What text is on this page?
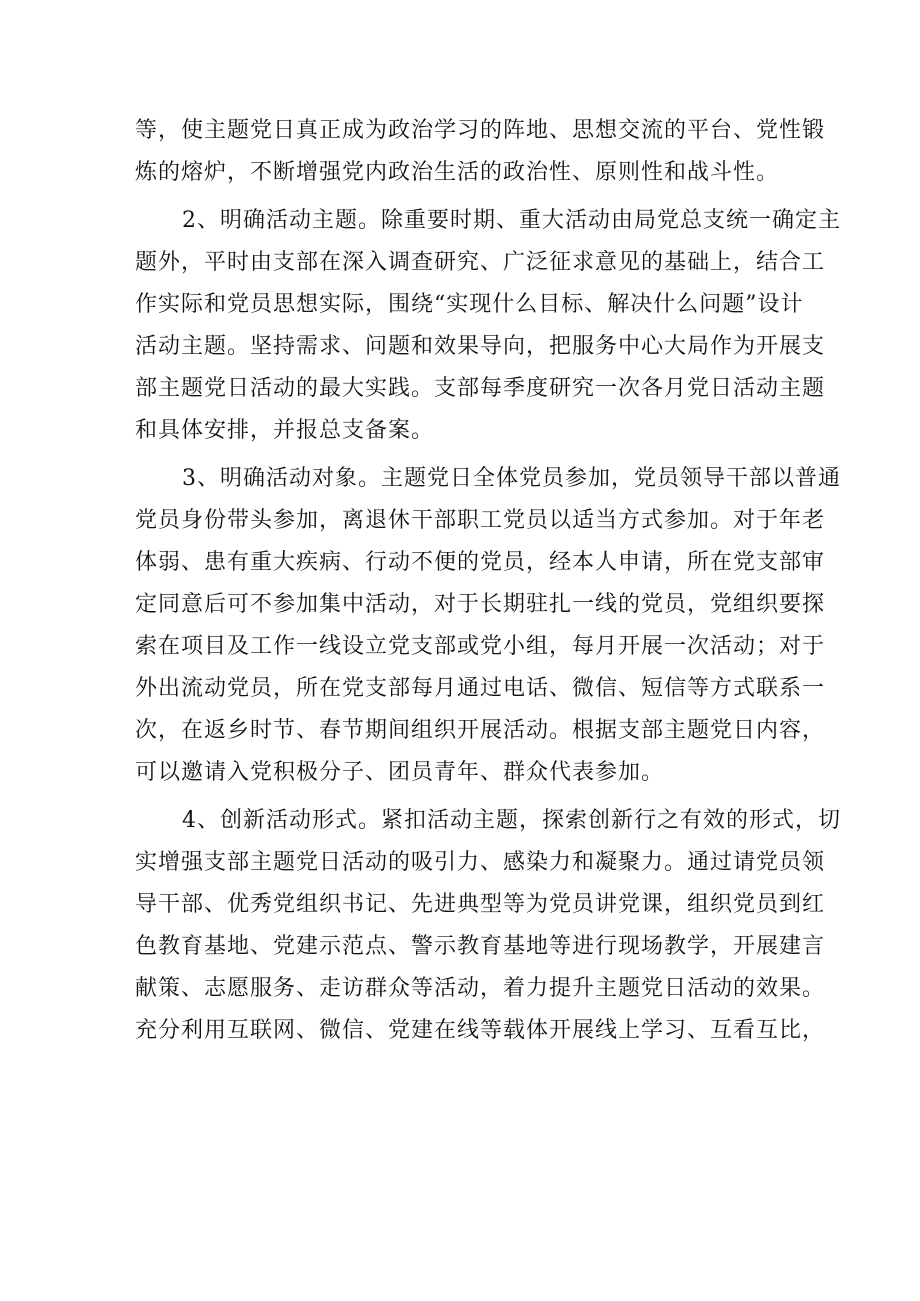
等，使主题党日真正成为政治学习的阵地、思想交流的平台、党性锻
炼的熔炉，不断增强党内政治生活的政治性、原则性和战斗性。

2、明确活动主题。除重要时期、重大活动由局党总支统一确定主
题外，平时由支部在深入调查研究、广泛征求意见的基础上，结合工
作实际和党员思想实际，围绕“实现什么目标、解决什么问题”设计
活动主题。坚持需求、问题和效果导向，把服务中心大局作为开展支
部主题党日活动的最大实践。支部每季度研究一次各月党日活动主题
和具体安排，并报总支备案。

3、明确活动对象。主题党日全体党员参加，党员领导干部以普通
党员身份带头参加，离退休干部职工党员以适当方式参加。对于年老
体弱、患有重大疾病、行动不便的党员，经本人申请，所在党支部审
定同意后可不参加集中活动，对于长期驻扎一线的党员，党组织要探
索在项目及工作一线设立党支部或党小组，每月开展一次活动；对于
外出流动党员，所在党支部每月通过电话、微信、短信等方式联系一
次，在返乡时节、春节期间组织开展活动。根据支部主题党日内容，
可以邀请入党积极分子、团员青年、群众代表参加。

4、创新活动形式。紧扣活动主题，探索创新行之有效的形式，切
实增强支部主题党日活动的吸引力、感染力和凝聚力。通过请党员领
导干部、优秀党组织书记、先进典型等为党员讲党课，组织党员到红
色教育基地、党建示范点、警示教育基地等进行现场教学，开展建言
献策、志愿服务、走访群众等活动，着力提升主题党日活动的效果。
充分利用互联网、微信、党建在线等载体开展线上学习、互看互比，
